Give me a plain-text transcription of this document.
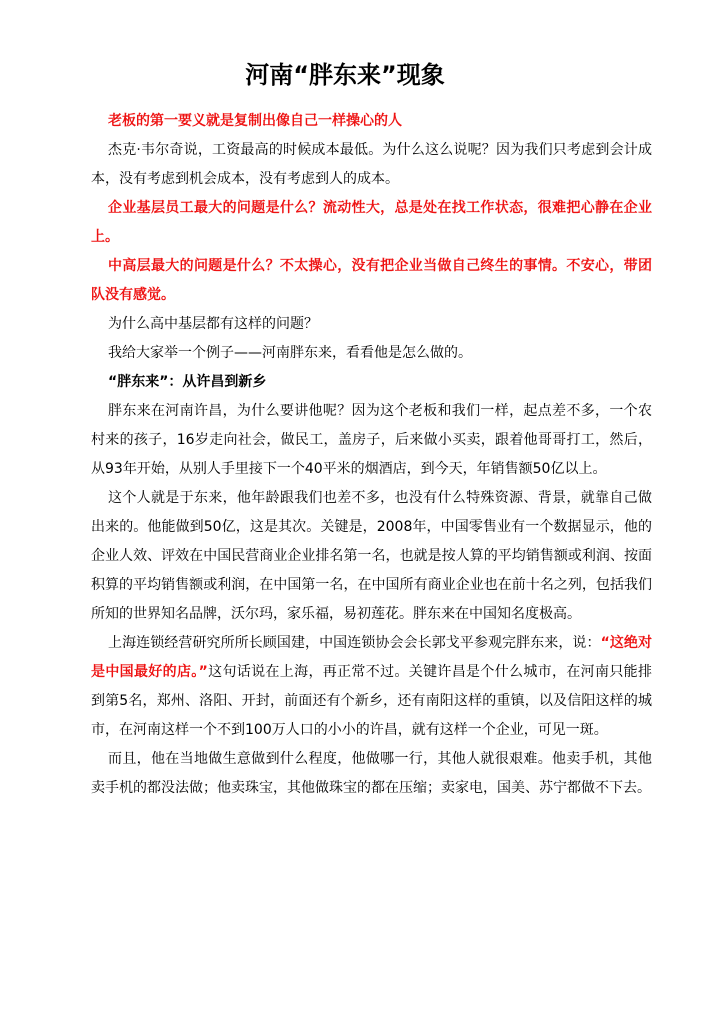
河南“胖东来”现象

老板的第一要义就是复制出像自己一样操心的人

杰克·韦尔奇说，工资最高的时候成本最低。为什么这么说呢？因为我们只考虑到会计成本，没有考虑到机会成本，没有考虑到人的成本。

企业基层员工最大的问题是什么？流动性大，总是处在找工作状态，很难把心静在企业上。

中高层最大的问题是什么？不太操心，没有把企业当做自己终生的事情。不安心，带团队没有感觉。

为什么高中基层都有这样的问题？

我给大家举一个例子——河南胖东来，看看他是怎么做的。

“胖东来”：从许昌到新乡

胖东来在河南许昌，为什么要讲他呢？因为这个老板和我们一样，起点差不多，一个农村来的孩子，16岁走向社会，做民工，盖房子，后来做小买卖，跟着他哥哥打工，然后，从93年开始，从别人手里接下一个40平米的烟酒店，到今天，年销售额50亿以上。

这个人就是于东来，他年龄跟我们也差不多，也没有什么特殊资源、背景，就靠自己做出来的。他能做到50亿，这是其次。关键是，2008年，中国零售业有一个数据显示，他的企业人效、评效在中国民营商业企业排名第一名，也就是按人算的平均销售额或利润、按面积算的平均销售额或利润，在中国第一名，在中国所有商业企业也在前十名之列，包括我们所知的世界知名品牌，沃尔玛，家乐福，易初莲花。胖东来在中国知名度极高。

上海连锁经营研究所所长顾国建，中国连锁协会会长郭戈平参观完胖东来，说：“这绝对是中国最好的店。”这句话说在上海，再正常不过。关键许昌是个什么城市，在河南只能排到第5名，郑州、洛阳、开封，前面还有个新乡，还有南阳这样的重镇，以及信阳这样的城市，在河南这样一个不到100万人口的小小的许昌，就有这样一个企业，可见一斑。

而且，他在当地做生意做到什么程度，他做哪一行，其他人就很艰难。他卖手机，其他卖手机的都没法做；他卖珠宝，其他做珠宝的都在压缩；卖家电，国美、苏宁都做不下去。
